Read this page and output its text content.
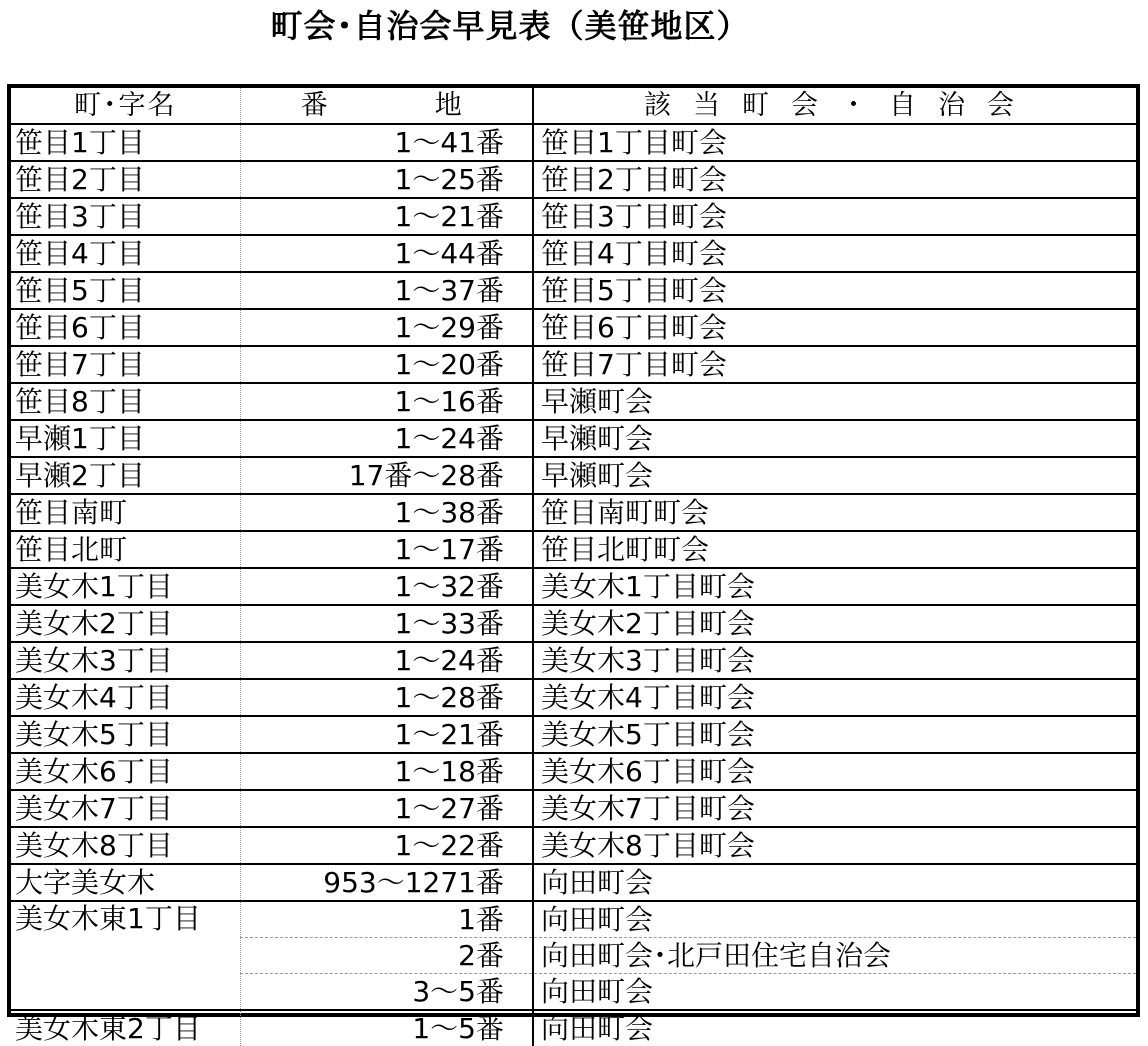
町会･自治会早見表（美笹地区）
町･字名	番　地	該当町会・自治会
笹目1丁目	1～41番	笹目1丁目町会
笹目2丁目	1～25番	笹目2丁目町会
笹目3丁目	1～21番	笹目3丁目町会
笹目4丁目	1～44番	笹目4丁目町会
笹目5丁目	1～37番	笹目5丁目町会
笹目6丁目	1～29番	笹目6丁目町会
笹目7丁目	1～20番	笹目7丁目町会
笹目8丁目	1～16番	早瀬町会
早瀬1丁目	1～24番	早瀬町会
早瀬2丁目	17番～28番	早瀬町会
笹目南町	1～38番	笹目南町町会
笹目北町	1～17番	笹目北町町会
美女木1丁目	1～32番	美女木1丁目町会
美女木2丁目	1～33番	美女木2丁目町会
美女木3丁目	1～24番	美女木3丁目町会
美女木4丁目	1～28番	美女木4丁目町会
美女木5丁目	1～21番	美女木5丁目町会
美女木6丁目	1～18番	美女木6丁目町会
美女木7丁目	1～27番	美女木7丁目町会
美女木8丁目	1～22番	美女木8丁目町会
大字美女木	953～1271番	向田町会
美女木東1丁目	1番	向田町会
	2番	向田町会･北戸田住宅自治会
	3～5番	向田町会
美女木東2丁目	1～5番	向田町会
